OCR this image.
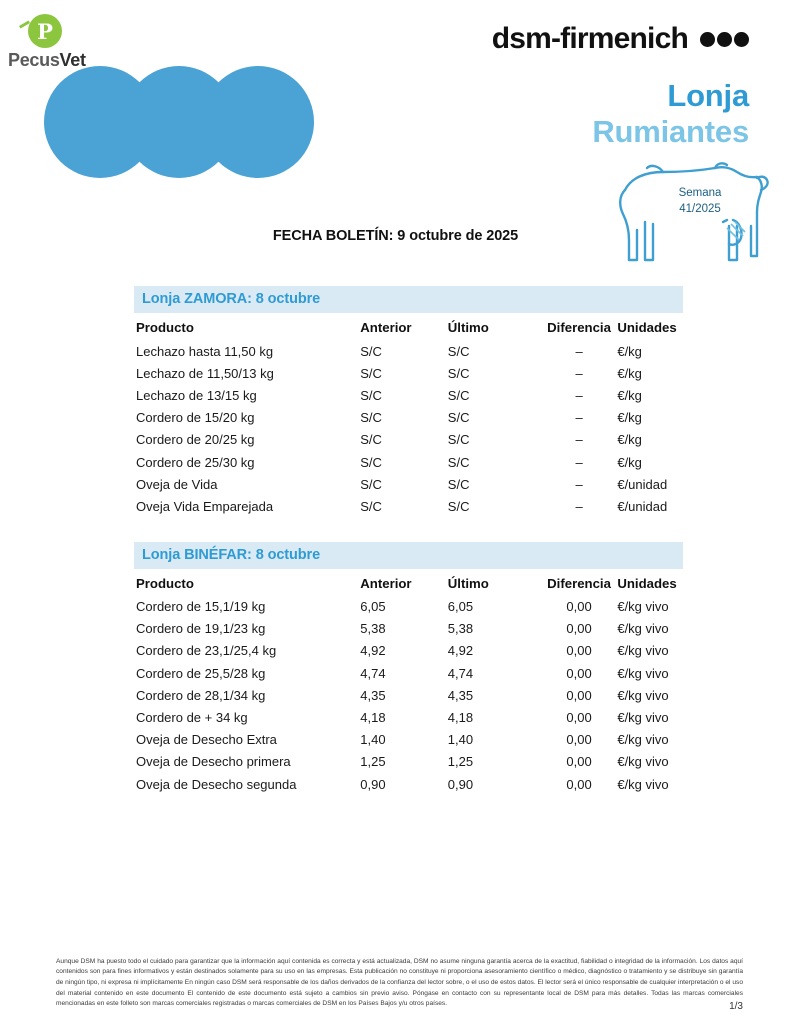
P
PecusVet
dsm-firmenich
Lonja
Rumiantes
Semana
41/2025
FECHA BOLETÍN: 9 octubre de 2025
Lonja ZAMORA: 8 octubre
Producto	Anterior	Último	Diferencia	Unidades
Lechazo hasta 11,50 kg	S/C	S/C	–	€/kg
Lechazo de 11,50/13 kg	S/C	S/C	–	€/kg
Lechazo de 13/15 kg	S/C	S/C	–	€/kg
Cordero de 15/20 kg	S/C	S/C	–	€/kg
Cordero de 20/25 kg	S/C	S/C	–	€/kg
Cordero de 25/30 kg	S/C	S/C	–	€/kg
Oveja de Vida	S/C	S/C	–	€/unidad
Oveja Vida Emparejada	S/C	S/C	–	€/unidad
Lonja BINÉFAR: 8 octubre
Producto	Anterior	Último	Diferencia	Unidades
Cordero de 15,1/19 kg	6,05	6,05	0,00	€/kg vivo
Cordero de 19,1/23 kg	5,38	5,38	0,00	€/kg vivo
Cordero de 23,1/25,4 kg	4,92	4,92	0,00	€/kg vivo
Cordero de 25,5/28 kg	4,74	4,74	0,00	€/kg vivo
Cordero de 28,1/34 kg	4,35	4,35	0,00	€/kg vivo
Cordero de + 34 kg	4,18	4,18	0,00	€/kg vivo
Oveja de Desecho Extra	1,40	1,40	0,00	€/kg vivo
Oveja de Desecho primera	1,25	1,25	0,00	€/kg vivo
Oveja de Desecho segunda	0,90	0,90	0,00	€/kg vivo
Aunque DSM ha puesto todo el cuidado para garantizar que la información aquí contenida es correcta y está actualizada, DSM no asume ninguna garantía acerca de la exactitud, fiabilidad o integridad de la información. Los datos aquí contenidos son para fines informativos y están destinados solamente para su uso en las empresas. Esta publicación no constituye ni proporciona asesoramiento científico o médico, diagnóstico o tratamiento y se distribuye sin garantía de ningún tipo, ni expresa ni implícitamente En ningún caso DSM será responsable de los daños derivados de la confianza del lector sobre, o el uso de estos datos. El lector será el único responsable de cualquier interpretación o el uso del material contenido en este documento El contenido de este documento está sujeto a cambios sin previo aviso. Póngase en contacto con su representante local de DSM para más detalles. Todas las marcas comerciales mencionadas en este folleto son marcas comerciales registradas o marcas comerciales de DSM en los Países Bajos y/u otros países.	1/3
